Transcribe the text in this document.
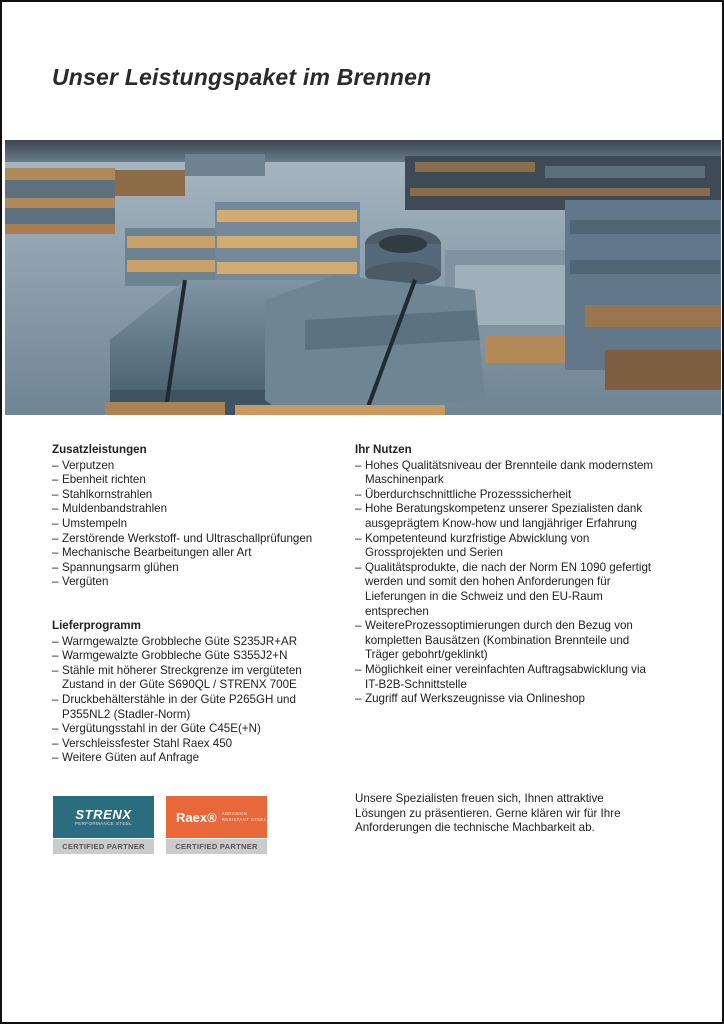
Unser Leistungspaket im Brennen
Zusatzleistungen
– Verputzen
– Ebenheit richten
– Stahlkornstrahlen
– Muldenbandstrahlen
– Umstempeln
– Zerstörende Werkstoff- und Ultraschallprüfungen
– Mechanische Bearbeitungen aller Art
– Spannungsarm glühen
– Vergüten
Lieferprogramm
– Warmgewalzte Grobbleche Güte S235JR+AR
– Warmgewalzte Grobbleche Güte S355J2+N
– Stähle mit höherer Streckgrenze im vergüteten Zustand in der Güte S690QL / STRENX 700E
– Druckbehälterstähle in der Güte P265GH und P355NL2 (Stadler-Norm)
– Vergütungsstahl in der Güte C45E(+N)
– Verschleissfester Stahl Raex 450
– Weitere Güten auf Anfrage
Ihr Nutzen
– Hohes Qualitätsniveau der Brennteile dank modernstem Maschinenpark
– Überdurchschnittliche Prozesssicherheit
– Hohe Beratungskompetenz unserer Spezialisten dank ausgeprägtem Know-how und langjähriger Erfahrung
– Kompetenteund kurzfristige Abwicklung von Grossprojekten und Serien
– Qualitätsprodukte, die nach der Norm EN 1090 gefertigt werden und somit den hohen Anforderungen für Lieferungen in die Schweiz und den EU-Raum entsprechen
– WeitereProzessoptimierungen durch den Bezug von kompletten Bausätzen (Kombination Brennteile und Träger gebohrt/geklinkt)
– Möglichkeit einer vereinfachten Auftragsabwicklung via IT-B2B-Schnittstelle
– Zugriff auf Werkszeugnisse via Onlineshop
Unsere Spezialisten freuen sich, Ihnen attraktive Lösungen zu präsentieren. Gerne klären wir für Ihre Anforderungen die technische Machbarkeit ab.
STRENX
PERFORMANCE STEEL
CERTIFIED PARTNER
Raex® ABRASION
RESISTANT STEEL
CERTIFIED PARTNER
